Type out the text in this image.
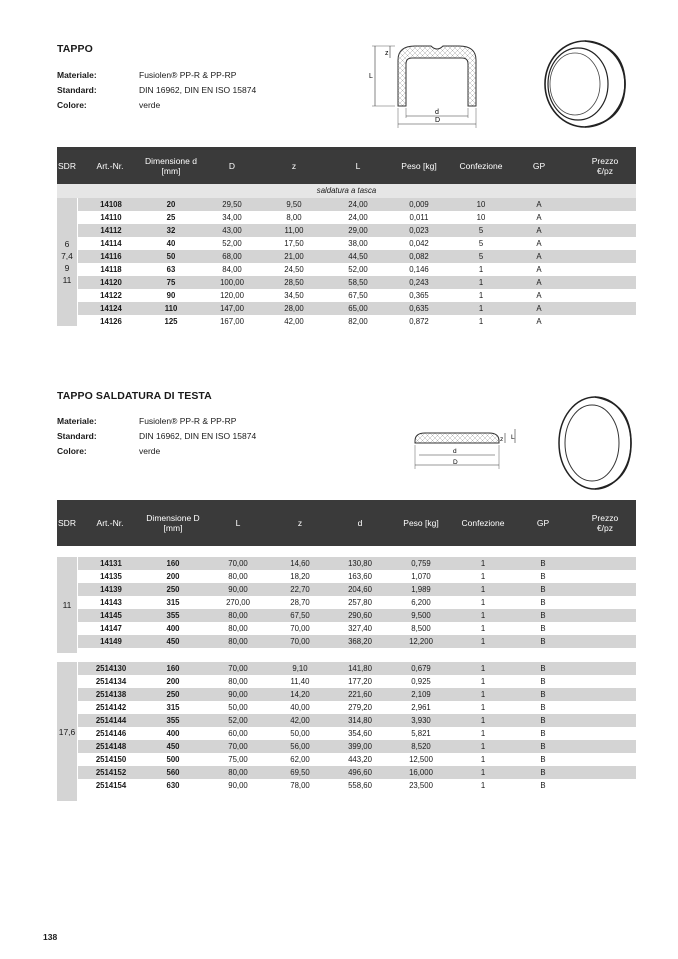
TAPPO
Materiale:	Fusiolen® PP-R & PP-RP
Standard:	DIN 16962, DIN EN ISO 15874
Colore:	verde
z
L
d
D
SDR	Art.-Nr.	Dimensione d [mm]	D	z	L	Peso [kg]	Confezione	GP	Prezzo €/pz
saldatura a tasca
6
7,4
9
11
14108	20	29,50	9,50	24,00	0,009	10	A
14110	25	34,00	8,00	24,00	0,011	10	A
14112	32	43,00	11,00	29,00	0,023	5	A
14114	40	52,00	17,50	38,00	0,042	5	A
14116	50	68,00	21,00	44,50	0,082	5	A
14118	63	84,00	24,50	52,00	0,146	1	A
14120	75	100,00	28,50	58,50	0,243	1	A
14122	90	120,00	34,50	67,50	0,365	1	A
14124	110	147,00	28,00	65,00	0,635	1	A
14126	125	167,00	42,00	82,00	0,872	1	A
TAPPO SALDATURA DI TESTA
Materiale:	Fusiolen® PP-R & PP-RP
Standard:	DIN 16962, DIN EN ISO 15874
Colore:	verde
z L
d
D
SDR	Art.-Nr.	Dimensione D [mm]	L	z	d	Peso [kg]	Confezione	GP	Prezzo €/pz
11
14131	160	70,00	14,60	130,80	0,759	1	B
14135	200	80,00	18,20	163,60	1,070	1	B
14139	250	90,00	22,70	204,60	1,989	1	B
14143	315	270,00	28,70	257,80	6,200	1	B
14145	355	80,00	67,50	290,60	9,500	1	B
14147	400	80,00	70,00	327,40	8,500	1	B
14149	450	80,00	70,00	368,20	12,200	1	B
17,6
2514130	160	70,00	9,10	141,80	0,679	1	B
2514134	200	80,00	11,40	177,20	0,925	1	B
2514138	250	90,00	14,20	221,60	2,109	1	B
2514142	315	50,00	40,00	279,20	2,961	1	B
2514144	355	52,00	42,00	314,80	3,930	1	B
2514146	400	60,00	50,00	354,60	5,821	1	B
2514148	450	70,00	56,00	399,00	8,520	1	B
2514150	500	75,00	62,00	443,20	12,500	1	B
2514152	560	80,00	69,50	496,60	16,000	1	B
2514154	630	90,00	78,00	558,60	23,500	1	B
138
